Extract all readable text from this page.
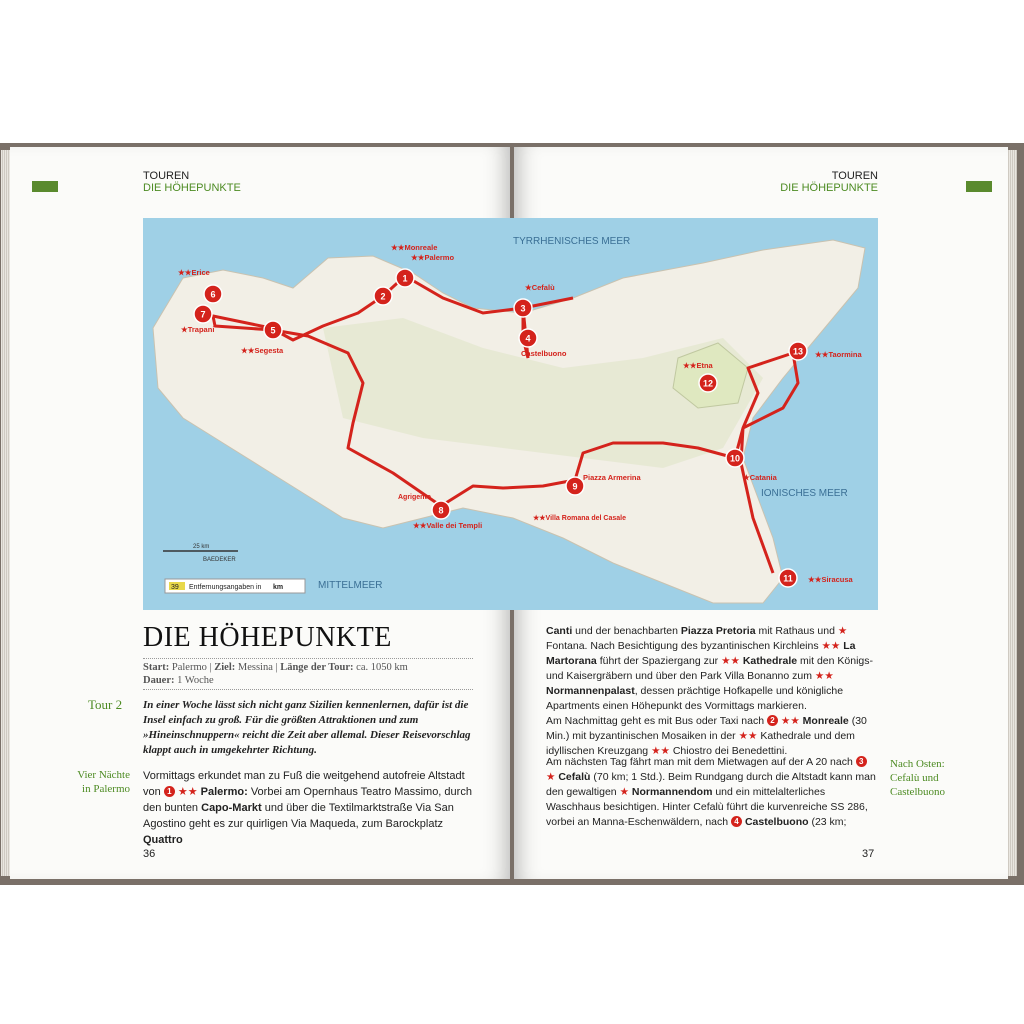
TOUREN
DIE HÖHEPUNKTE
TOUREN
DIE HÖHEPUNKTE
TYRRHENISCHES MEER
IONISCHES MEER
MITTELMEER
39 Entfernungsangaben in km
25 km
BAEDEKER
Agrigento
★★Villa Romana del Casale
1
★★Palermo
2
★★Monreale
3
★Cefalù
4
Castelbuono
5
★★Segesta
6
★★Erice
7
★Trapani
8
★★Valle dei Templi
9
Piazza Armerina
10
★Catania
11 ★★Siracusa
12
★★Etna
13 ★★Taormina
DIE HÖHEPUNKTE
Start: Palermo | Ziel: Messina | Länge der Tour: ca. 1050 km
Dauer: 1 Woche
Tour 2 In einer Woche lässt sich nicht ganz Sizilien kennenlernen, dafür ist die Insel einfach zu groß. Für die größten Attraktionen und zum »Hineinschnuppern« reicht die Zeit aber allemal. Dieser Reisevorschlag klappt auch in umgekehrter Richtung.
Vier Nächte
in Palermo
Vormittags erkundet man zu Fuß die weitgehend autofreie Altstadt von 1 ★★ Palermo: Vorbei am Opernhaus Teatro Massimo, durch den bunten Capo-Markt und über die Textilmarktstraße Via San Agostino geht es zur quirligen Via Maqueda, zum Barockplatz Quattro
36
Canti und der benachbarten Piazza Pretoria mit Rathaus und ★ Fontana. Nach Besichtigung des byzantinischen Kirchleins ★★ La Martorana führt der Spaziergang zur ★★ Kathedrale mit den Königs- und Kaisergräbern und über den Park Villa Bonanno zum ★★ Normannenpalast, dessen prächtige Hofkapelle und königliche Apartments einen Höhepunkt des Vormittags markieren.
Am Nachmittag geht es mit Bus oder Taxi nach 2 ★★ Monreale (30 Min.) mit byzantinischen Mosaiken in der ★★ Kathedrale und dem idyllischen Kreuzgang ★★ Chiostro dei Benedettini.
Am nächsten Tag fährt man mit dem Mietwagen auf der A 20 nach 3 ★ Cefalù (70 km; 1 Std.). Beim Rundgang durch die Altstadt kann man den gewaltigen ★ Normannendom und ein mittelalterliches Waschhaus besichtigen. Hinter Cefalù führt die kurvenreiche SS 286, vorbei an Manna-Eschenwäldern, nach 4 Castelbuono (23 km;
Nach Osten:
Cefalù und
Castelbuono
37
